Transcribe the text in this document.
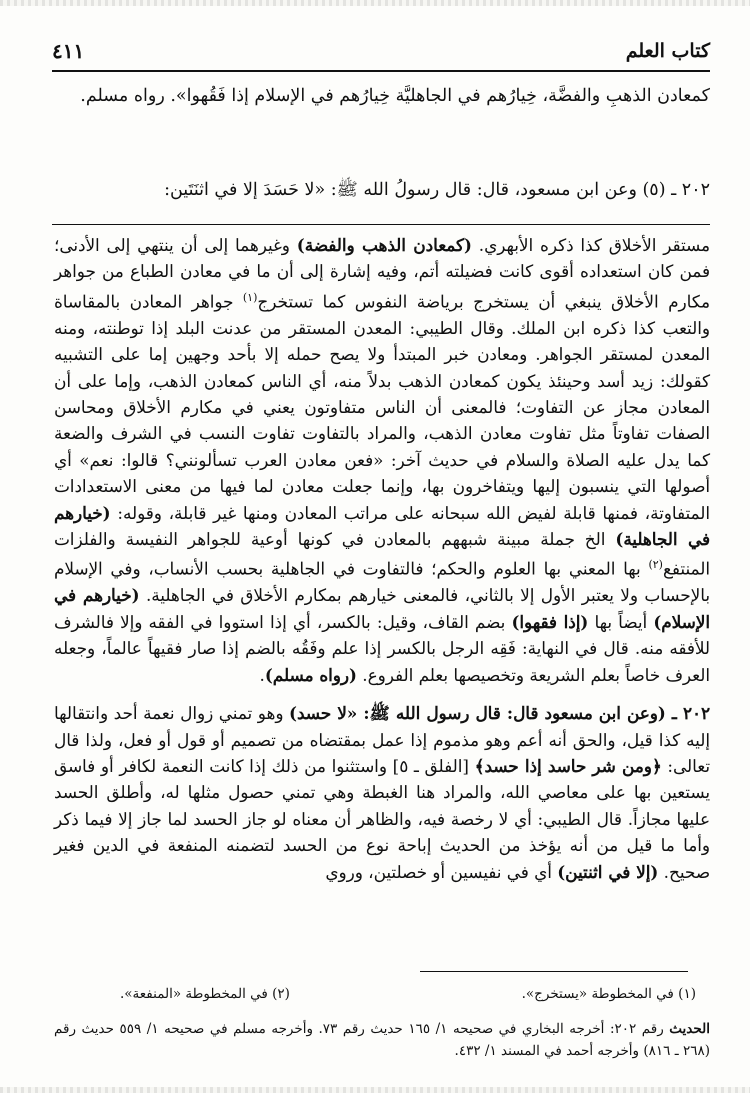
كتاب العلم
٤١١

كمعادن الذهبِ والفضَّة، خِيارُهم في الجاهليَّة خِيارُهم في الإسلام إذا فَقُهوا». رواه مسلم.

٢٠٢ ـ (٥) وعن ابن مسعود، قال: قال رسولُ الله ﷺ: «لا حَسَدَ إلا في اثنَتَين:

مستقر الأخلاق كذا ذكره الأبهري. (كمعادن الذهب والفضة) وغيرهما إلى أن ينتهي إلى الأدنى؛ فمن كان استعداده أقوى كانت فضيلته أتم، وفيه إشارة إلى أن ما في معادن الطباع من جواهر مكارم الأخلاق ينبغي أن يستخرج برياضة النفوس كما تستخرج$^{(١)}$ جواهر المعادن بالمقاساة والتعب كذا ذكره ابن الملك. وقال الطيبي: المعدن المستقر من عدنت البلد إذا توطنته، ومنه المعدن لمستقر الجواهر. ومعادن خبر المبتدأ ولا يصح حمله إلا بأحد وجهين إما على التشبيه كقولك: زيد أسد وحينئذ يكون كمعادن الذهب بدلاً منه، أي الناس كمعادن الذهب، وإما على أن المعادن مجاز عن التفاوت؛ فالمعنى أن الناس متفاوتون يعني في مكارم الأخلاق ومحاسن الصفات تفاوتاً مثل تفاوت معادن الذهب، والمراد بالتفاوت تفاوت النسب في الشرف والضعة كما يدل عليه الصلاة والسلام في حديث آخر: «فعن معادن العرب تسألونني؟ قالوا: نعم» أي أصولها التي ينسبون إليها ويتفاخرون بها، وإنما جعلت معادن لما فيها من معنى الاستعدادات المتفاوتة، فمنها قابلة لفيض الله سبحانه على مراتب المعادن ومنها غير قابلة، وقوله: (خيارهم في الجاهلية) الخ جملة مبينة شبههم بالمعادن في كونها أوعية للجواهر النفيسة والفلزات المنتفع$^{(٢)}$ بها المعني بها العلوم والحكم؛ فالتفاوت في الجاهلية بحسب الأنساب، وفي الإسلام بالإحساب ولا يعتبر الأول إلا بالثاني، فالمعنى خيارهم بمكارم الأخلاق في الجاهلية. (خيارهم في الإسلام) أيضاً بها (إذا فقهوا) بضم القاف، وقيل: بالكسر، أي إذا استووا في الفقه وإلا فالشرف للأفقه منه. قال في النهاية: فَقِه الرجل بالكسر إذا علم وفَقُه بالضم إذا صار فقيهاً عالماً، وجعله العرف خاصاً بعلم الشريعة وتخصيصها بعلم الفروع. (رواه مسلم).

٢٠٢ ـ (وعن ابن مسعود قال: قال رسول الله ﷺ: «لا حسد) وهو تمني زوال نعمة أحد وانتقالها إليه كذا قيل، والحق أنه أعم وهو مذموم إذا عمل بمقتضاه من تصميم أو قول أو فعل، ولذا قال تعالى: ﴿ومن شر حاسد إذا حسد﴾ [الفلق ـ ٥] واستثنوا من ذلك إذا كانت النعمة لكافر أو فاسق يستعين بها على معاصي الله، والمراد هنا الغبطة وهي تمني حصول مثلها له، وأطلق الحسد عليها مجازاً. قال الطيبي: أي لا رخصة فيه، والظاهر أن معناه لو جاز الحسد لما جاز إلا فيما ذكر وأما ما قيل من أنه يؤخذ من الحديث إباحة نوع من الحسد لتضمنه المنفعة في الدين فغير صحيح. (إلا في اثنتين) أي في نفيسين أو خصلتين، وروي

(١) في المخطوطة «يستخرج».
(٢) في المخطوطة «المنفعة».

الحديث رقم ٢٠٢: أخرجه البخاري في صحيحه ١/ ١٦٥ حديث رقم ٧٣. وأخرجه مسلم في صحيحه ١/ ٥٥٩ حديث رقم (٢٦٨ ـ ٨١٦) وأخرجه أحمد في المسند ١/ ٤٣٢.
